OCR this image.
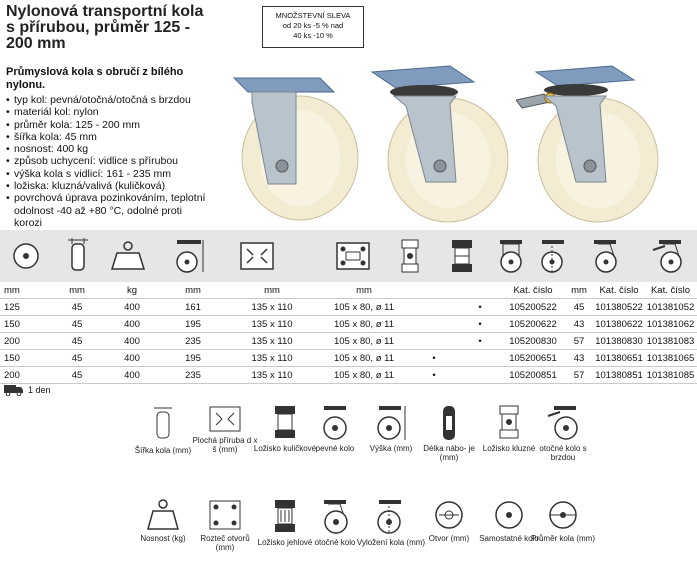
Nylonová transportní kola s přírubou, průměr 125 - 200 mm
Průmyslová kola s obručí z bílého nylonu.
• typ kol: pevná/otočná/otočná s brzdou
• materiál kol: nylon
• průměr kola: 125 - 200 mm
• šířka kola: 45 mm
• nosnost: 400 kg
• způsob uchycení: vidlice s přírubou
• výška kola s vidlicí: 161 - 235 mm
• ložiska: kluzná/valivá (kuličková)
• povrchová úprava pozinkováním, teplotní odolnost -40 až +80 °C, odolné proti korozi
MNOŽSTEVNÍ SLEVA
od 20 ks -5 % nad
40 ks -10 %
mm	mm	kg	mm	mm	mm			Kat. číslo	mm	Kat. číslo	Kat. číslo
125	45	400	161	135 x 110	105 x 80, ø 11		•	105200522	45	101380522	101381052
150	45	400	195	135 x 110	105 x 80, ø 11		•	105200622	43	101380622	101381062
200	45	400	235	135 x 110	105 x 80, ø 11		•	105200830	57	101380830	101381083
150	45	400	195	135 x 110	105 x 80, ø 11	•		105200651	43	101380651	101381065
200	45	400	235	135 x 110	105 x 80, ø 11	•		105200851	57	101380851	101381085
1 den
Šířka kola (mm)
Plochá příruba d x š (mm)	Ložisko kuličkové pevné kolo	Výška (mm)	Délka nábo- je (mm)
Ložisko kluzné otočné kolo s brzdou
Nosnost (kg)	Rozteč otvorů (mm)
Ložisko jehlové otočné kolo Vyložení kola (mm) Otvor (mm)	Samostatné kolo
Průměr kola (mm)
